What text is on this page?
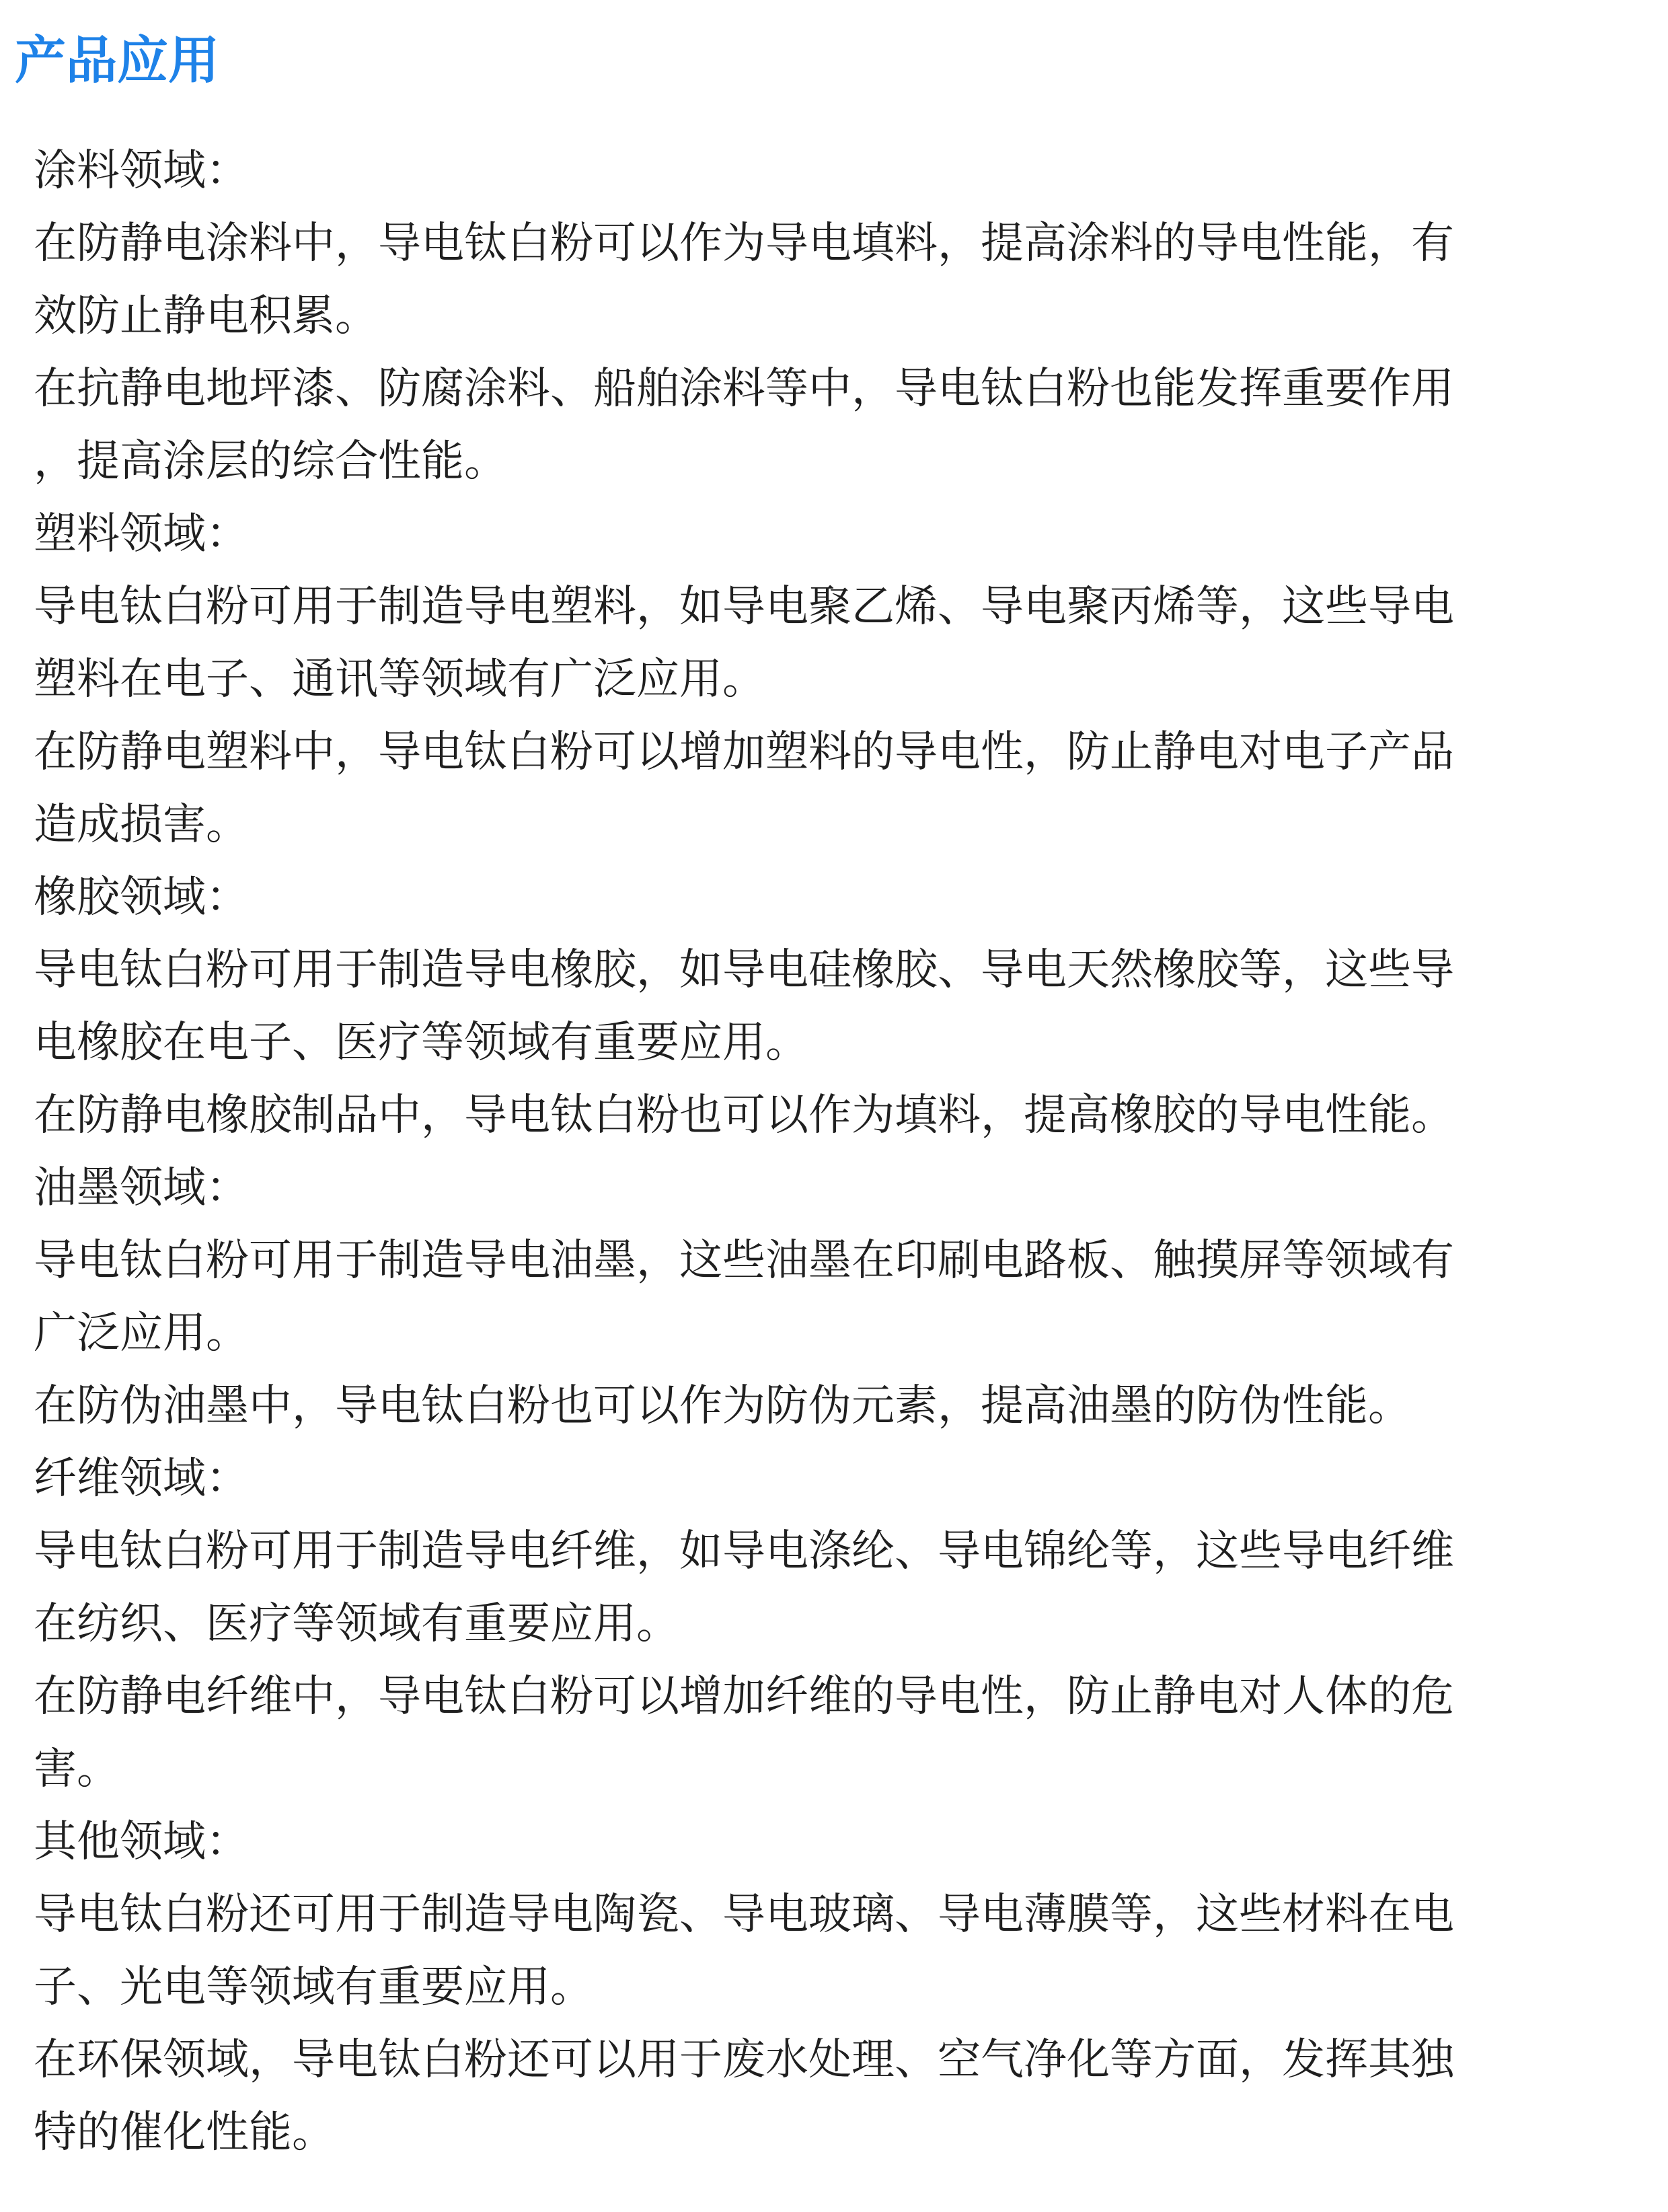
产品应用
涂料领域：
在防静电涂料中，导电钛白粉可以作为导电填料，提高涂料的导电性能，有
效防止静电积累。
在抗静电地坪漆、防腐涂料、船舶涂料等中，导电钛白粉也能发挥重要作用
，提高涂层的综合性能。
塑料领域：
导电钛白粉可用于制造导电塑料，如导电聚乙烯、导电聚丙烯等，这些导电
塑料在电子、通讯等领域有广泛应用。
在防静电塑料中，导电钛白粉可以增加塑料的导电性，防止静电对电子产品
造成损害。
橡胶领域：
导电钛白粉可用于制造导电橡胶，如导电硅橡胶、导电天然橡胶等，这些导
电橡胶在电子、医疗等领域有重要应用。
在防静电橡胶制品中，导电钛白粉也可以作为填料，提高橡胶的导电性能。
油墨领域：
导电钛白粉可用于制造导电油墨，这些油墨在印刷电路板、触摸屏等领域有
广泛应用。
在防伪油墨中，导电钛白粉也可以作为防伪元素，提高油墨的防伪性能。
纤维领域：
导电钛白粉可用于制造导电纤维，如导电涤纶、导电锦纶等，这些导电纤维
在纺织、医疗等领域有重要应用。
在防静电纤维中，导电钛白粉可以增加纤维的导电性，防止静电对人体的危
害。
其他领域：
导电钛白粉还可用于制造导电陶瓷、导电玻璃、导电薄膜等，这些材料在电
子、光电等领域有重要应用。
在环保领域，导电钛白粉还可以用于废水处理、空气净化等方面，发挥其独
特的催化性能。
